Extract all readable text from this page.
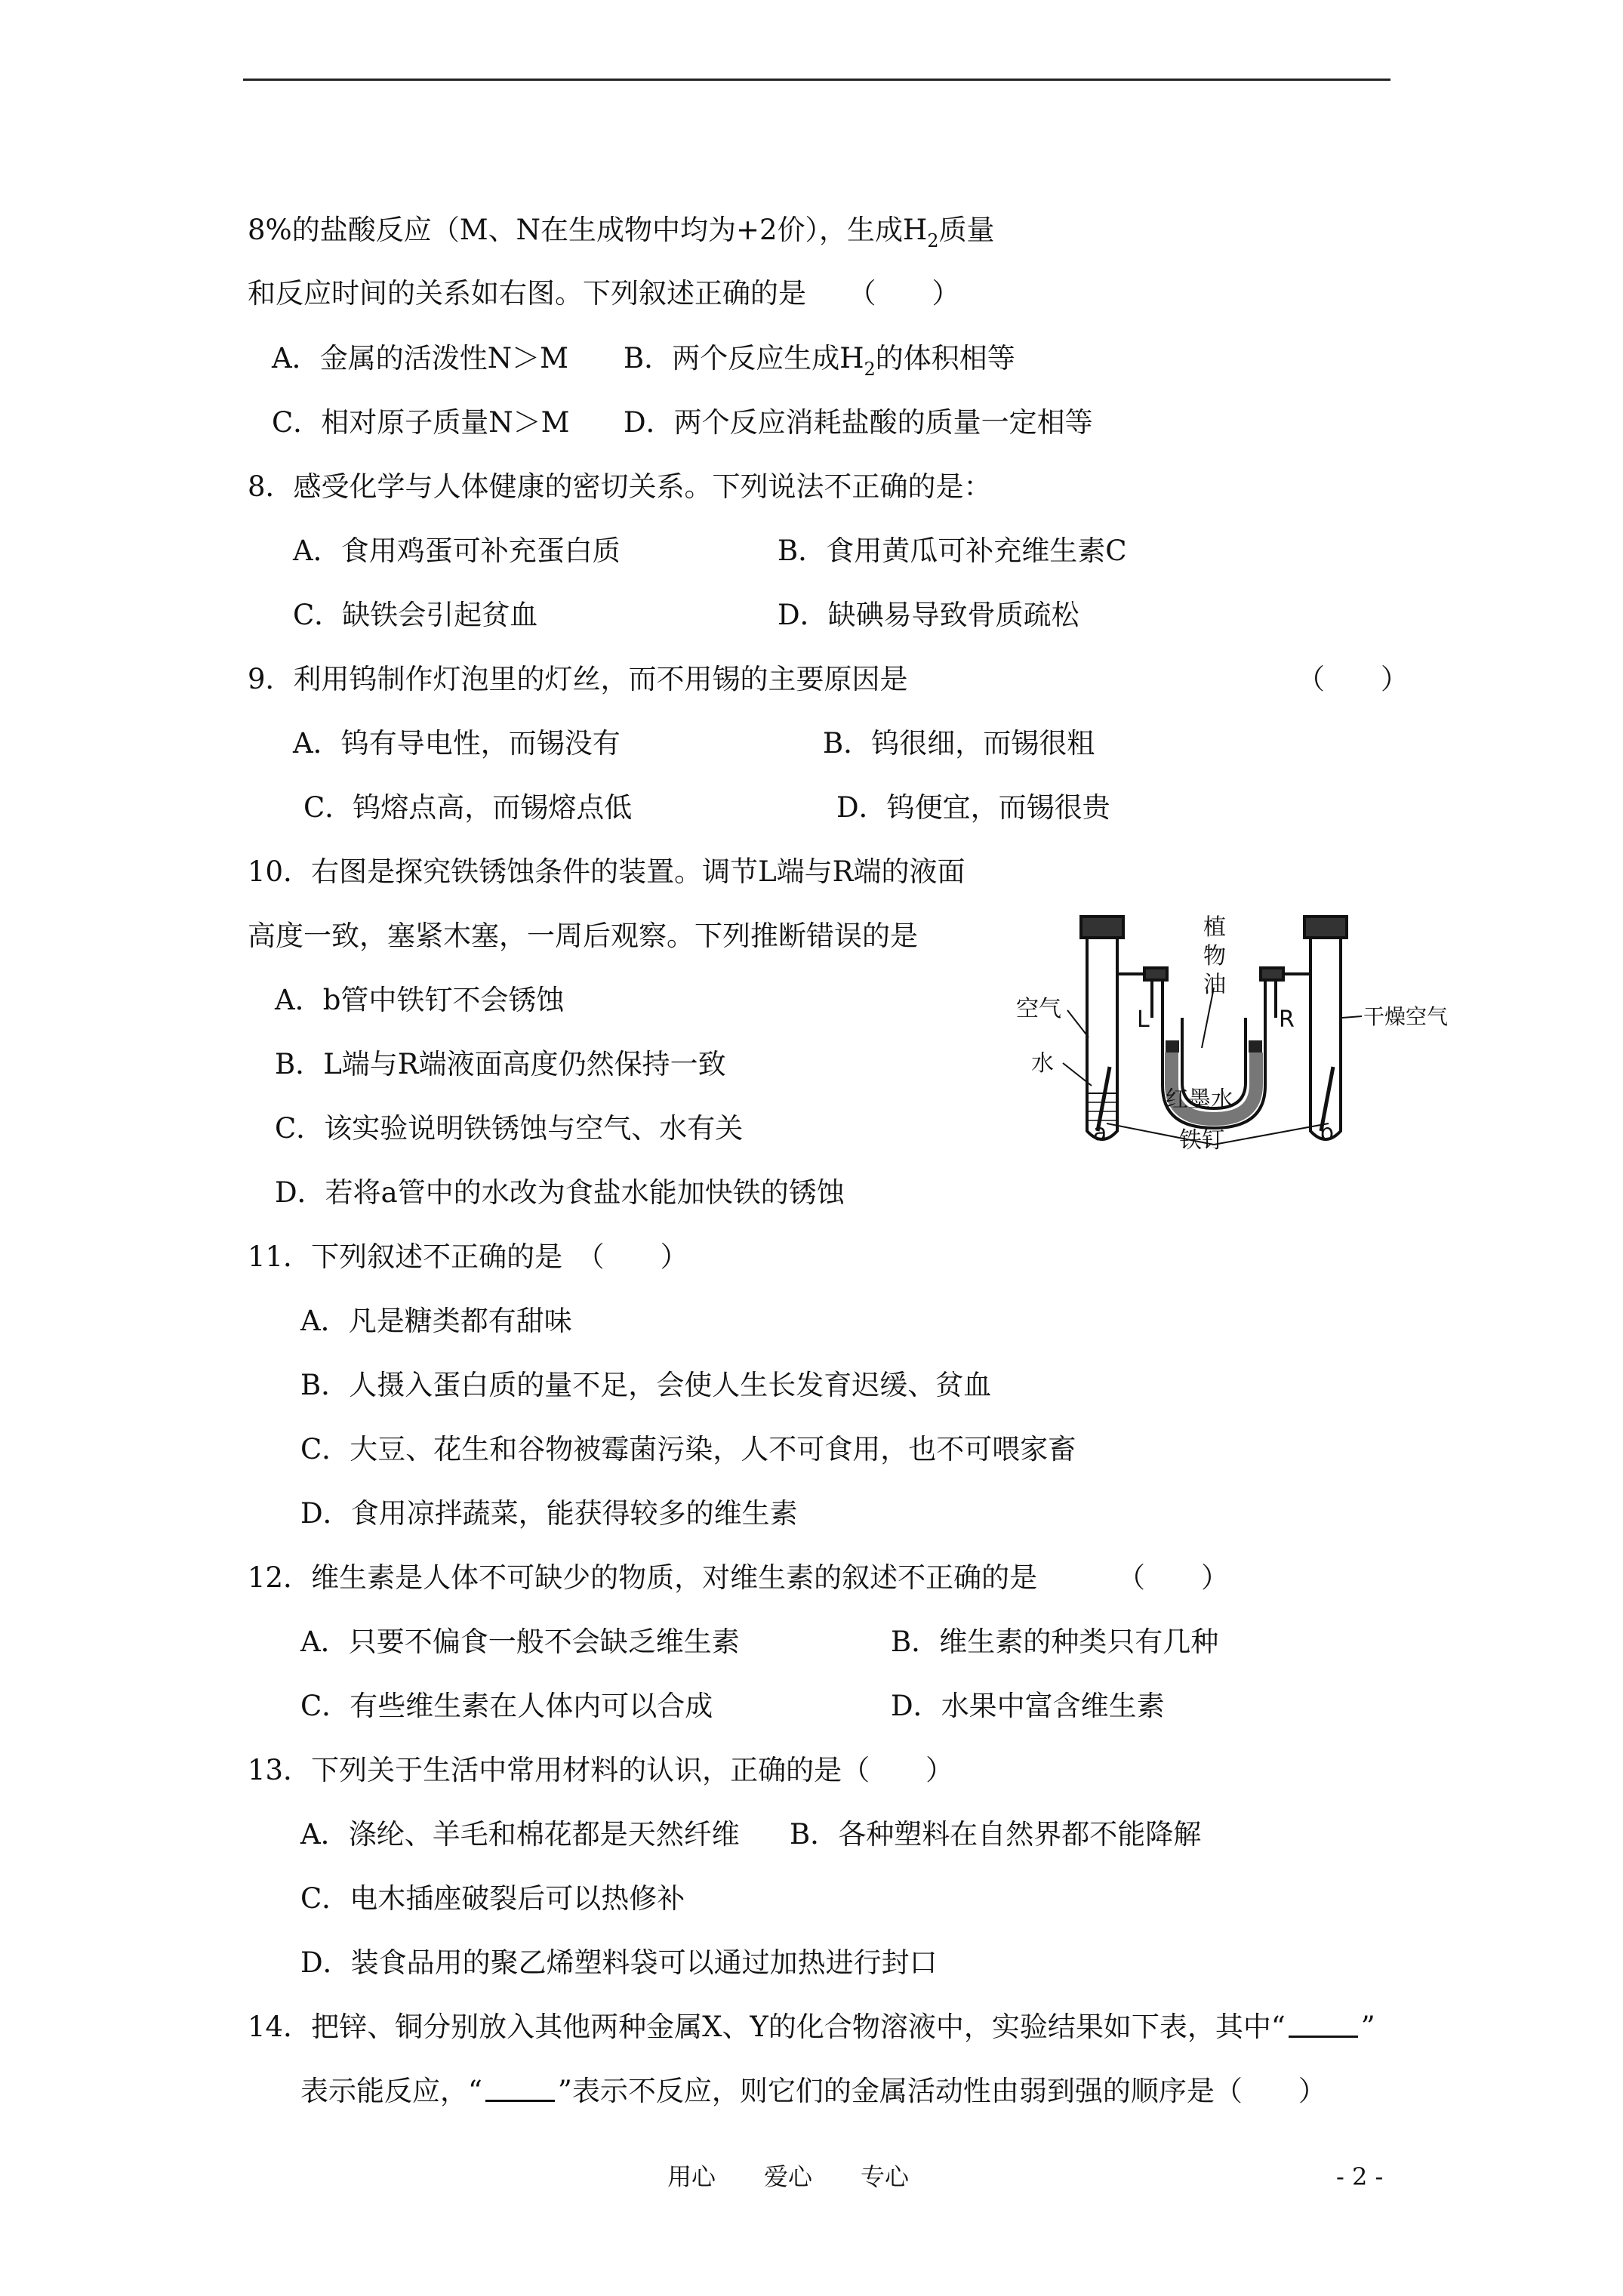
8%的盐酸反应（M、N在生成物中均为+2价），生成$H_2$质量
和反应时间的关系如右图。下列叙述正确的是　　（　　）
A．金属的活泼性N＞M B．两个反应生成$H_2$的体积相等
C．相对原子质量N＞M D．两个反应消耗盐酸的质量一定相等
8．感受化学与人体健康的密切关系。下列说法不正确的是：
A．食用鸡蛋可补充蛋白质	B．食用黄瓜可补充维生素C
C．缺铁会引起贫血	D．缺碘易导致骨质疏松
9．利用钨制作灯泡里的灯丝，而不用锡的主要原因是	（　　）
A．钨有导电性，而锡没有	B．钨很细，而锡很粗
C．钨熔点高，而锡熔点低	D．钨便宜，而锡很贵
10．右图是探究铁锈蚀条件的装置。调节L端与R端的液面
高度一致，塞紧木塞，一周后观察。下列推断错误的是
A．b管中铁钉不会锈蚀
B．L端与R端液面高度仍然保持一致
C．该实验说明铁锈蚀与空气、水有关
D．若将a管中的水改为食盐水能加快铁的锈蚀
空气
水
植
物
油
L	R	干燥空气
红墨水
铁钉
a	b
11．下列叙述不正确的是　（　　）
A．凡是糖类都有甜味
B．人摄入蛋白质的量不足，会使人生长发育迟缓、贫血
C．大豆、花生和谷物被霉菌污染，人不可食用，也不可喂家畜
D．食用凉拌蔬菜，能获得较多的维生素
12．维生素是人体不可缺少的物质，对维生素的叙述不正确的是	（　　）
A．只要不偏食一般不会缺乏维生素	B．维生素的种类只有几种
C．有些维生素在人体内可以合成	D．水果中富含维生素
13．下列关于生活中常用材料的认识，正确的是（　　）
A．涤纶、羊毛和棉花都是天然纤维 B．各种塑料在自然界都不能降解
C．电木插座破裂后可以热修补
D．装食品用的聚乙烯塑料袋可以通过加热进行封口
14．把锌、铜分别放入其他两种金属X、Y的化合物溶液中，实验结果如下表，其中“	”
表示能反应，“	”表示不反应，则它们的金属活动性由弱到强的顺序是（　　）
用心　　爱心　　专心	- 2 -
